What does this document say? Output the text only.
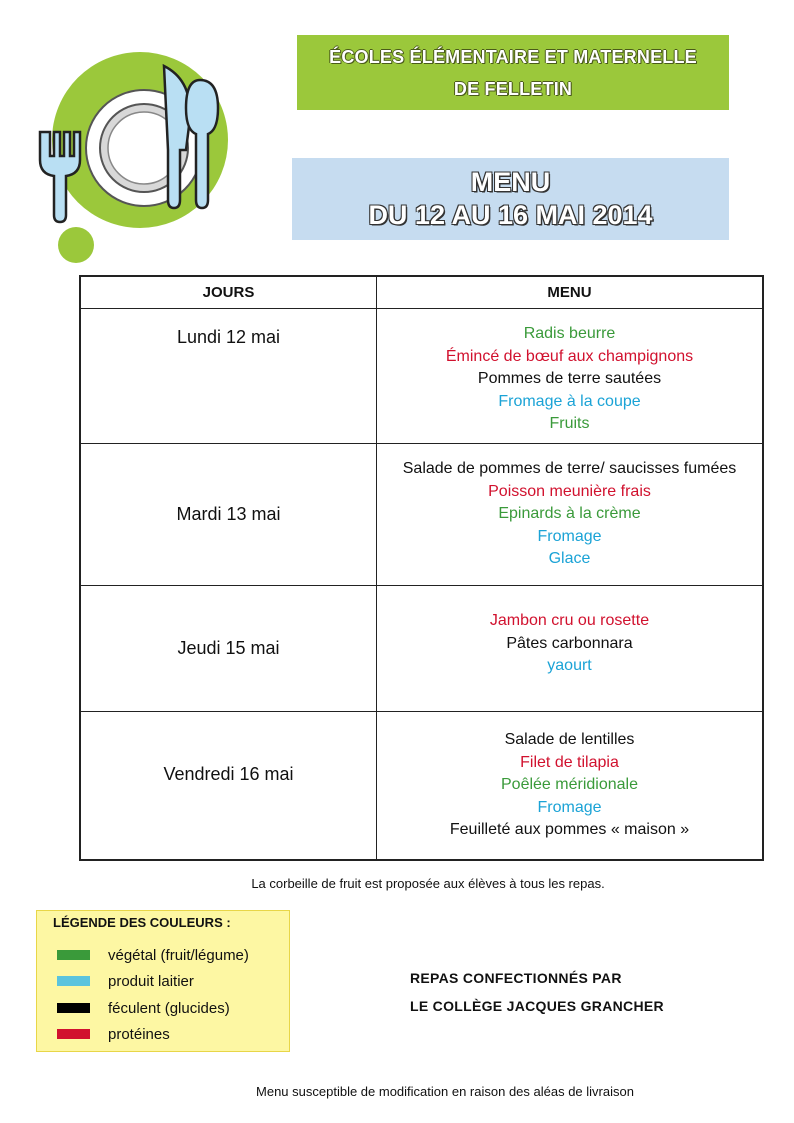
ÉCOLES ÉLÉMENTAIRE ET MATERNELLE
DE FELLETIN
MENU
DU 12 AU 16 MAI 2014
JOURS	MENU
Lundi 12 mai	Radis beurre
Émincé de bœuf aux champignons
Pommes de terre sautées
Fromage à la coupe
Fruits

Mardi 13 mai	Salade de pommes de terre/ saucisses fumées
Poisson meunière frais
Epinards à la crème
Fromage
Glace

Jeudi 15 mai	Jambon cru ou rosette
Pâtes carbonnara
yaourt

Vendredi 16 mai	Salade de lentilles
Filet de tilapia
Poêlée méridionale
Fromage
Feuilleté aux pommes « maison »
La corbeille de fruit est proposée aux élèves à tous les repas.
LÉGENDE DES COULEURS :
végétal (fruit/légume)
produit laitier
féculent (glucides)
protéines
REPAS CONFECTIONNÉS PAR
LE COLLÈGE JACQUES GRANCHER
Menu susceptible de modification en raison des aléas de livraison
